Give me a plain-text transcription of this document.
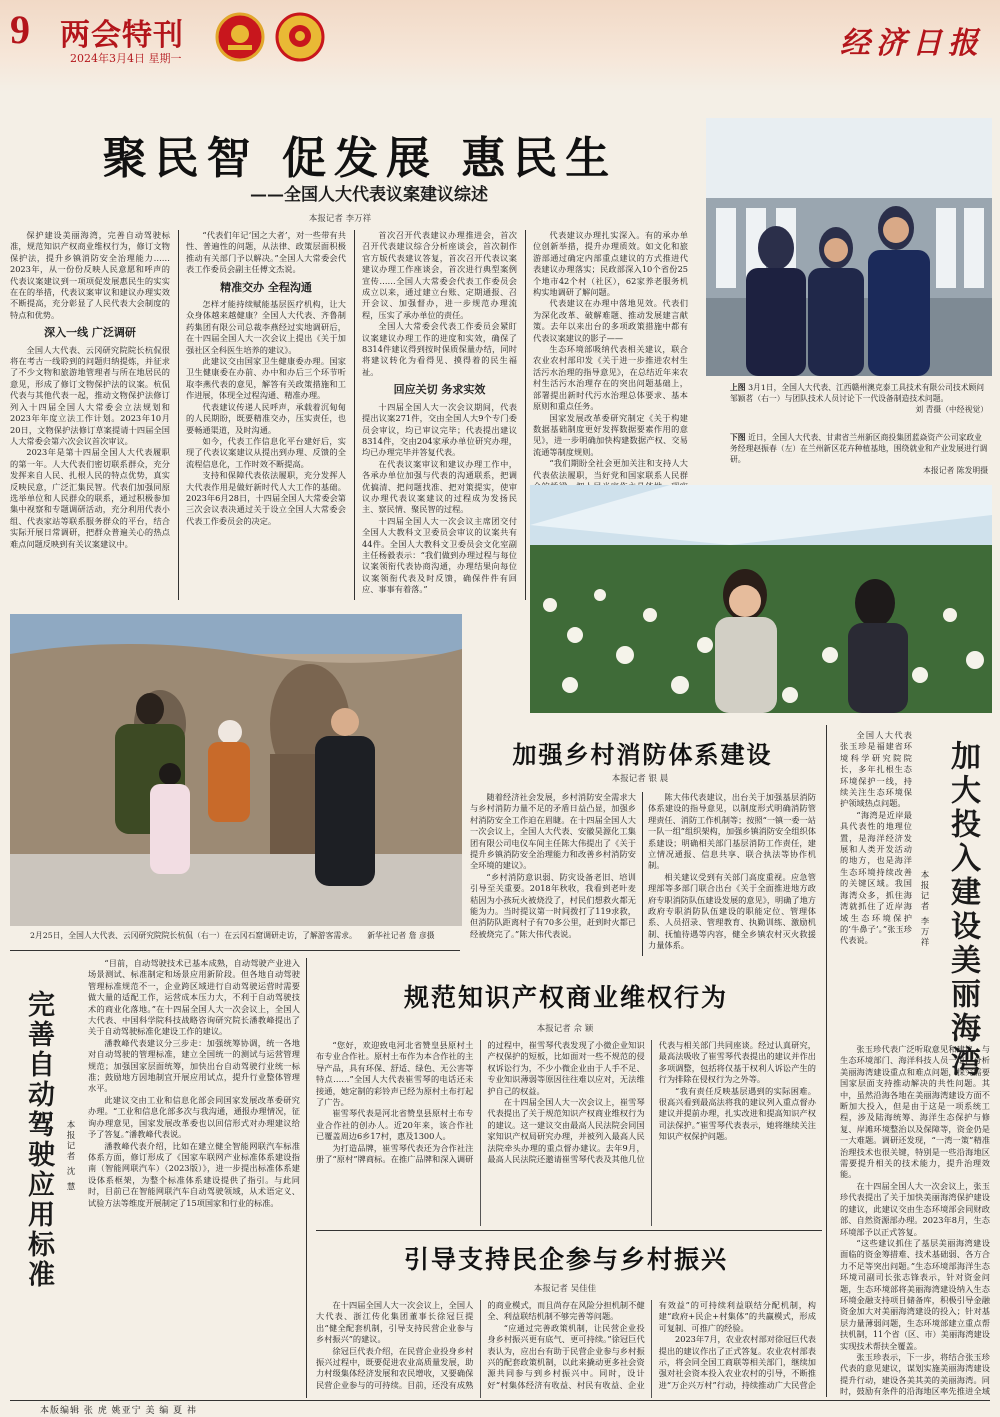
9 两会特刊
2024年3月4日 星期一	经济日报
聚民智 促发展 惠民生
——全国人大代表议案建议综述
本报记者 李万祥

保护建设美丽海湾，完善自动驾驶标准，规范知识产权商业维权行为，修订文物保护法，提升乡镇消防安全治理能力……2023年，从一份份反映人民意愿和呼声的代表议案建议到一项项促发展惠民生的实实在在的举措，代表议案审议和建议办理实效不断提高，充分彰显了人民代表大会制度的特点和优势。

深入一线 广泛调研

全国人大代表、云冈研究院院长杭侃很将在考古一线聆到的问题归纳提炼，并征求了不少文物和旅游地管理者与所在地居民的意见，形成了修订文物保护法的议案。杭侃代表与其他代表一起，推动文物保护法修订列入十四届全国人大常委会立法规划和2023年年度立法工作计划。2023年10月20日，文物保护法修订草案提请十四届全国人大常委会第六次会议首次审议。

2023年是第十四届全国人大代表履职的第一年。人大代表们密切联系群众，充分发挥来自人民、扎根人民的特点优势，真实反映民意，广泛汇集民智。代表们加强同原选举单位和人民群众的联系，通过积极参加集中视察和专题调研活动，充分利用代表小组、代表家站等联系服务群众的平台，结合实际开展日常调研，把群众普遍关心的热点难点问题反映到有关议案建议中。

“代表们年记‘国之大者’，对一些带有共性、普遍性的问题，从法律、政策层面积极推动有关部门予以解决。”全国人大常委会代表工作委员会副主任傅文杰说。

精准交办 全程沟通

怎样才能持续赋能基层医疗机构，让大众身体越来越健康？全国人大代表、齐鲁制药集团有限公司总裁李燕经过实地调研后，在十四届全国人大一次会议上提出《关于加强社区全科医生培养的建议》。

此建议交由国家卫生健康委办理。国家卫生健康委在办前、办中和办后三个环节听取李燕代表的意见，解答有关政策措施和工作进展，体现全过程沟通、精准办理。

代表建议传递人民呼声，承载着沉甸甸的人民期盼，既要精准交办，压实责任，也要畅通渠道，及时沟通。

如今，代表工作信息化平台建好后，实现了代表议案建议从提出到办理、反馈的全流程信息化，工作时效不断提高。

支持和保障代表依法履职，充分发挥人大代表作用是做好新时代人大工作的基础。2023年6月28日，十四届全国人大常委会第三次会议表决通过关于设立全国人大常委会代表工作委员会的决定。

首次召开代表建议办理推进会，首次召开代表建议综合分析座谈会，首次制作官方版代表建议答复，首次召开代表议案建议办理工作座谈会，首次进行典型案例宣传……全国人大常委会代表工作委员会成立以来，通过建立台账、定期通报、召开会议、加强督办，进一步规范办理流程，压实了承办单位的责任。

全国人大常委会代表工作委员会紧盯议案建议办理工作的进度和实效，确保了8314件建议得到按时保质保量办结，同时将建议转化为看得见、摸得着的民生福祉。

回应关切 务求实效

十四届全国人大一次会议期间，代表提出议案271件，交由全国人大9个专门委员会审议，均已审议完毕；代表提出建议8314件，交由204家承办单位研究办理，均已办理完毕并答复代表。

在代表议案审议和建议办理工作中，各承办单位加强与代表的沟通联系，把调优搞清、把问题找准、把对策提实，使审议办理代表议案建议的过程成为发扬民主、察民情、聚民智的过程。

十四届全国人大一次会议主席团交付全国人大教科文卫委员会审议的议案共有44件。全国人大教科文卫委员会文化室副主任杨毅表示：“我们做到办理过程与每位议案领衔代表协商沟通，办理结果向每位议案领衔代表及时反馈，确保件件有回应、事事有着落。”

代表建议办理扎实深入。有的承办单位创新举措，提升办理质效。如文化和旅游部通过确定内部重点建议的方式推进代表建议办理落实；民政部深入10个省份25个地市42个村（社区），62家养老服务机构实地调研了解问题。

代表建议在办理中落地见效。代表们为深化改革、破解难题、推动发展建言献策。去年以来出台的多项政策措施中都有代表议案建议的影子——

生态环境部吸纳代表相关建议，联合农业农村部印发《关于进一步推进农村生活污水治理的指导意见》，在总结近年来农村生活污水治理存在的突出问题基础上，部署提出新时代污水治理总体要求、基本原则和重点任务。

国家发展改革委研究制定《关于构建数据基础制度更好发挥数据要素作用的意见》，进一步明确加快构建数据产权、交易流通等制度规则。

“我们期盼全社会更加关注和支持人大代表依法履职，当好党和国家联系人民群

上图 3月1日，全国人大代表、江西赣州澳克泰工具技术有限公司技术顾问邹颖茗（右一）与团队技术人员讨论下一代设备制造技术问题。
刘 青摄（中经视觉）
下图 近日，全国人大代表、甘肃省兰州新区商投集团蓝焱资产公司家政业务经理赵振春（左）在兰州新区花卉种植基地，围绕就业和产业发展进行调研。
本报记者 陈发明摄
2月25日，全国人大代表、云冈研究院院长杭侃（右一）在云冈石窟调研走访，了解游客需求。 新华社记者 詹 彦摄
加强乡村消防体系建设
本报记者 银 晨

随着经济社会发展，乡村消防安全需求大与乡村消防力量不足的矛盾日益凸显，加强乡村消防安全工作迫在眉睫。在十四届全国人大一次会议上，全国人大代表、安徽昊源化工集团有限公司电仪车间主任陈大伟提出了《关于提升乡镇消防安全治理能力和改善乡村消防安全环境的建议》。

“乡村消防意识弱、防灾设备老旧、培训引导至关重要。2018年秋收，我看到老叶麦秸因为小孩玩火被烧没了，村民们想救火都无能为力。当时提议第一时间拨打了119求救，但消防队距离村子有70多公里，赶到时火都已经被烧完了。”陈大伟代表说。

陈大伟代表建议，出台关于加强基层消防体系建设的指导意见，以制度形式明确消防管理责任、消防工作机制等；按照“一镇一委一站一队一组”组织架构，加强乡镇消防安全组织体系建设；明确相关部门基层消防工作责任，建立情况通报、信息共享、联合执法等协作机制。

相关建议受到有关部门高度重视。应急管理部等多部门联合出台《关于全面推进地方政府专职消防队伍建设发展的意见》，明确了地方政府专职消防队伍建设的职能定位、管理体系、人员招录、管理教育、执勤训练、激励机制、抚恤待遇等内容，健全乡镇农村灭火救援力量体系。	加大投入建设美丽海湾
本报记者 李万祥

全国人大代表张玉珍是福建省环境科学研究院院长，多年扎根生态环境保护一线，持续关注生态环境保护领域热点问题。

“海湾是近岸最具代表性的地理位置，是海洋经济发展和人类开发活动的地方，也是海洋生态环境持续改善的关键区域。我国海湾众多，抓住海湾就抓住了近岸海域生态环境保护的‘牛鼻子’。”张玉珍代表说。

张玉珍代表广泛听取意见和建议，与生态环境部门、海洋科技人员一道，分析美丽海湾建设重点和难点问题，探究需要国家层面支持推动解决的共性问题。其中，虽然沿海各地在美丽海湾建设方面不断加大投入，但是由于这是一项系统工程，涉及陆海统筹、海洋生态保护与修复、岸滩环境整治以及保障等，资金仍是一大难题。调研还发现，“一湾一策”精准治理技术也很关键，特别是一些沿海地区需要提升相关的技术能力，提升治理效能。

在十四届全国人大一次会议上，张玉珍代表提出了关于加快美丽海湾保护建设的建议，此建议交由生态环境部会同财政部、自然资源部办理。2023年8月，生态环境部予以正式答复。

“这些建议抓住了基层美丽海湾建设面临的资金筹措难、技术基础弱、各方合力不足等突出问题。”生态环境部海洋生态环境司副司长张志锋表示，针对资金问题，生态环境部将美丽海湾建设纳入生态环境金融支持项目储备库，积极引导金融资金加大对美丽海湾建设的投入；针对基层力量薄弱问题，生态环境部建立重点帮扶机制，11个省（区、市）美丽海湾建设实现技术帮扶全覆盖。

张玉珍表示，下一步，将结合张玉珍代表的意见建议，谋划实施美丽海湾建设提升行动，建设各美其美的美丽海湾。同时，鼓励有条件的沿海地区率先推进全域

完善自动驾驶应用标准	本报记者 沈 慧

“目前，自动驾驶技术已基本成熟，自动驾驶产业进入场景测试、标准制定和场景应用新阶段。但各地自动驾驶管理标准规范不一，企业跨区域进行自动驾驶运营时需要做大量的适配工作，运营成本压力大，不利于自动驾驶技术的商业化落地。”在十四届全国人大一次会议上，全国人大代表、中国科学院科技战略咨询研究院长潘教峰提出了关于自动驾驶标准化建设工作的建议。

潘教峰代表建议分三步走：加强统筹协调，统一各地对自动驾驶的管理标准，建立全国统一的测试与运营管理规范；加强国家层面统筹，加快出台自动驾驶行业统一标准；鼓励地方因地制宜开展应用试点，提升行业整体管理水平。

此建议交由工业和信息化部会同国家发展改革委研究办理。“工业和信息化部多次与我沟通，通报办理情况，征询办理意见，国家发展改革委也以回信形式对办理建议给予了答复。”潘教峰代表说。

潘教峰代表介绍，比如在建立健全智能网联汽车标准体系方面，修订形成了《国家车联网产业标准体系建设指南（智能网联汽车）（2023版）》，进一步提出标准体系建设体系框架，为整个标准体系建设提供了指引。与此同时，目前已在智能网联汽车自动驾驶领域，从术语定义、试验方法等维度开展制定了15项国家和行业的标准。

规范知识产权商业维权行为
本报记者 佘 颖

“您好，欢迎致电河北省赞皇县原村土布专业合作社。原村土布作为本合作社的主导产品，具有环保、舒适、绿色、无公害等特点……”全国人大代表崔雪琴的电话还未接通，她定制的彩铃声已经为原村土布打起了广告。

崔雪琴代表是河北省赞皇县原村土布专业合作社的创办人。近20年来，该合作社已覆盖周边6乡17村，惠及1300人。

为打造品牌，崔雪琴代表还为合作社注册了“原村”牌商标。在推广品牌和深入调研的过程中，崔雪琴代表发现了小微企业知识产权保护的短板，比如面对一些不规范的侵权诉讼行为，不少小微企业由于人手不足、专业知识薄弱等原因往往难以应对，无法维护自己的权益。

在十四届全国人大一次会议上，崔雪琴代表提出了关于规范知识产权商业维权行为的建议。这一建议交由最高人民法院会同国家知识产权局研究办理，并被列入最高人民法院牵头办理的重点督办建议。去年9月，最高人民法院还邀请崔雪琴代表及其他几位代表与相关部门共同座谈。经过认真研究，最高法吸收了崔雪琴代表提出的建议并作出多项调整，包括将仅基于权利人诉讼产生的行为排除在侵权行为之外等。

“我有责任反映基层遇到的实际困难。很高兴看到最高法将我的建议列入重点督办建议并提前办理，扎实改进和提高知识产权司法保护。”崔雪琴代表表示，她将继续关注知识产权保护问题。

引导支持民企参与乡村振兴
本报记者 吴佳佳

在十四届全国人大一次会议上，全国人大代表、浙江传化集团董事长徐冠巨提出“健全配套机制，引导支持民营企业参与乡村振兴”的建议。

徐冠巨代表介绍，在民营企业投身乡村振兴过程中，既要促进农业高质量发展，助力村级集体经济发展和农民增收，又要确保民营企业参与的可持续。目前，还没有成熟的商业模式，而且尚存在风险分担机制不健全、利益联结机制不够完善等问题。

“应通过完善政策机制，让民营企业投身乡村振兴更有底气、更可持续。”徐冠巨代表认为，应出台有助于民营企业参与乡村振兴的配套政策机制，以此来撬动更多社会资源共同参与到乡村振兴中。同时，设计好“村集体经济有收益、村民有收益、企业有效益”的可持续利益联结分配机制，构建“政府+民企+村集体”的共赢模式，形成可复制、可推广的经验。

2023年7月，农业农村部对徐冠巨代表提出的建议作出了正式答复。农业农村部表示，将会同全国工商联等相关部门，继续加强对社会资本投入农业农村的引导，不断推进“万企兴万村”行动，持续推动广大民营企

本版编辑 张 虎 姚亚宁 美 编 夏 祎
